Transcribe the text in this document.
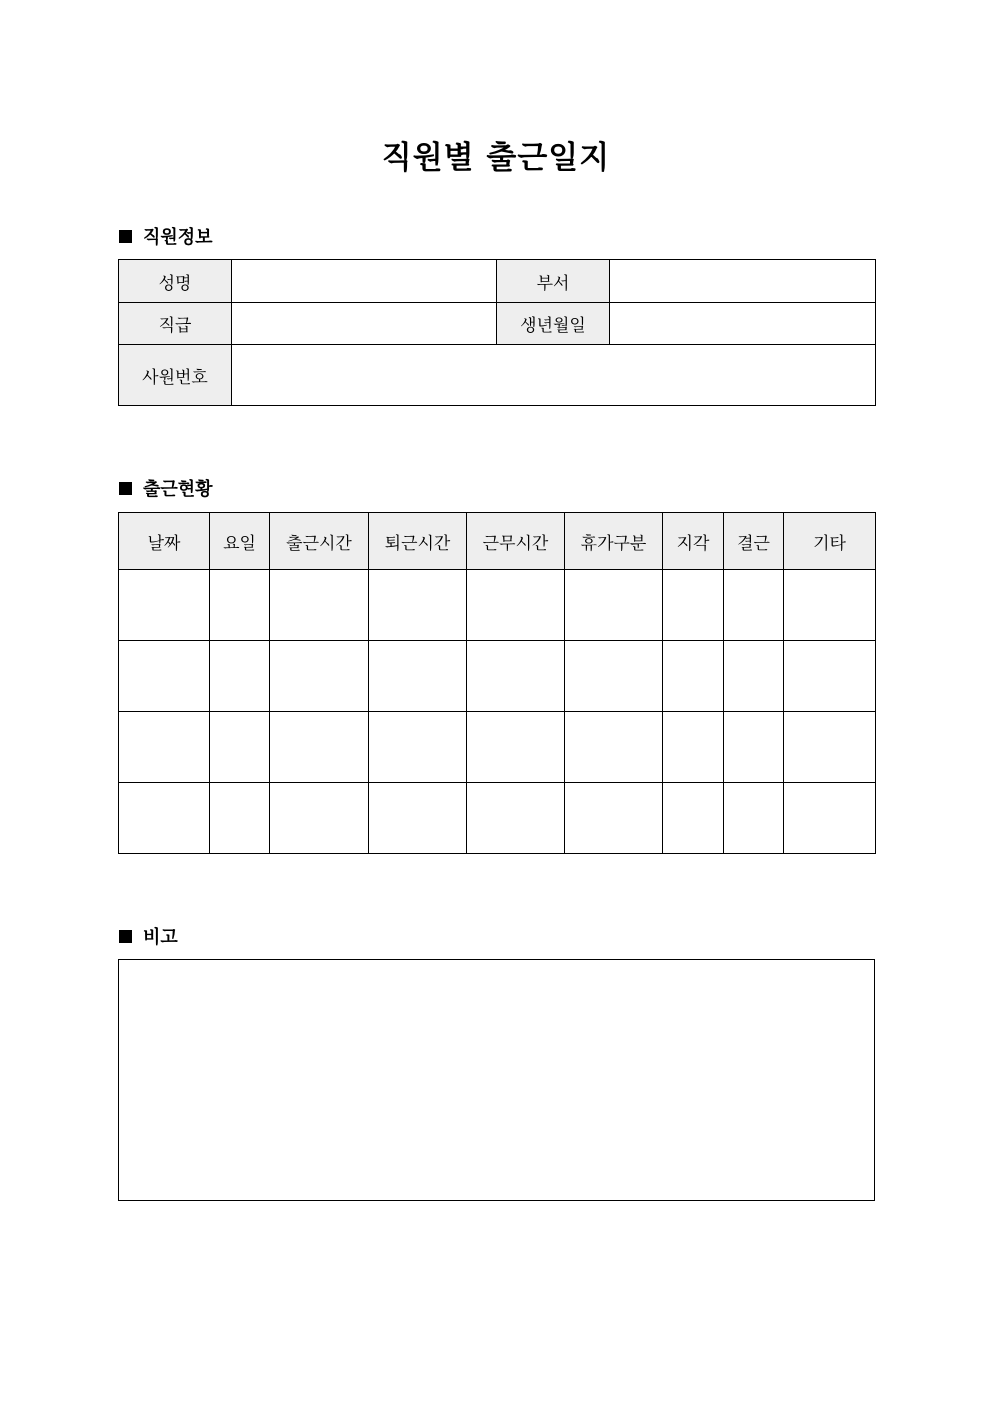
직원별 출근일지
직원정보
성명		부서	
직급		생년월일	
사원번호			
출근현황
날짜	요일	출근시간	퇴근시간	근무시간	휴가구분	지각	결근	기타

비고
